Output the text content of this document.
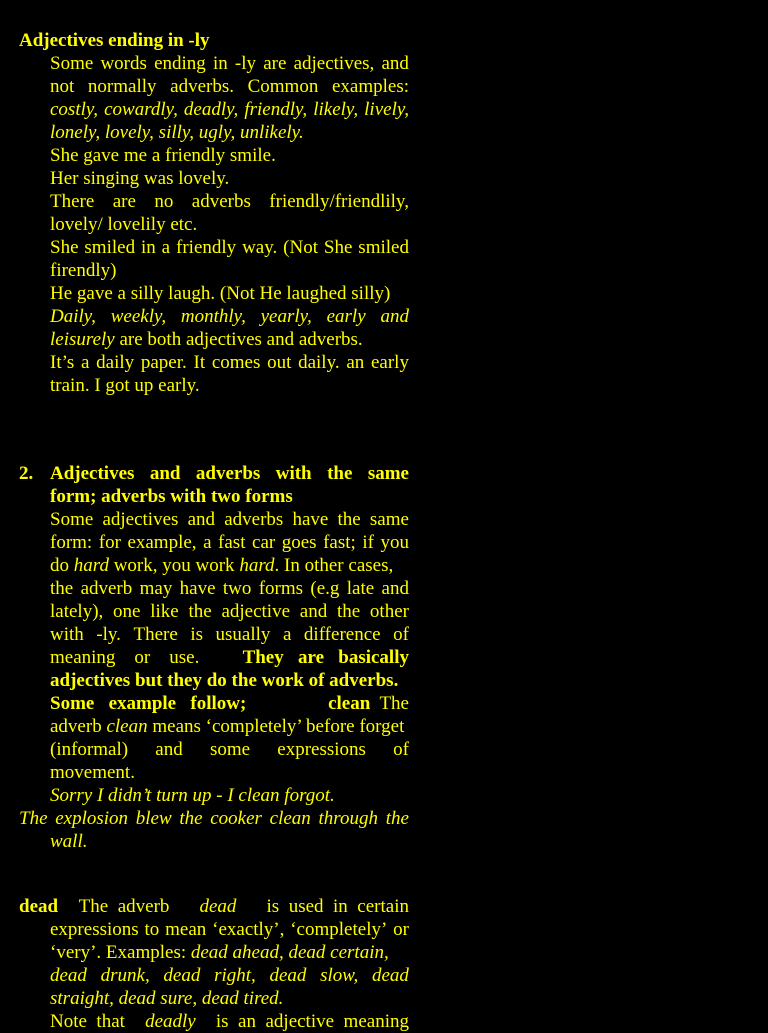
Adjectives ending in -ly
Some words ending in -ly are adjectives, and
not normally adverbs. Common examples:
costly, cowardly, deadly, friendly, likely, lively,
lonely, lovely, silly, ugly, unlikely.
She gave me a friendly smile.
Her singing was lovely.
There are no adverbs friendly/friendlily,
lovely/ lovelily etc.
She smiled in a friendly way. (Not She smiled
firendly)
He gave a silly laugh. (Not He laughed silly)
Daily, weekly, monthly, yearly, early and
leisurely are both adjectives and adverbs.
It’s a daily paper. It comes out daily. an early
train. I got up early.
2. Adjectives and adverbs with the same
form; adverbs with two forms
Some adjectives and adverbs have the same
form: for example, a fast car goes fast; if you
do hard work, you work hard. In other cases,
the adverb may have two forms (e.g late and
lately), one like the adjective and the other
with -ly. There is usually a difference of
meaning    or    use. They   are   basically
adjectives but they do the work of adverbs.
Some   example   follow;	clean  The
adverb clean means ‘completely’ before forget
(informal) and some expressions of
movement.
Sorry I didn’t turn up - I clean forgot.
The explosion blew the cooker clean through the
wall.
dead The  adverb dead is  used  in  certain
expressions to mean ‘exactly’, ‘completely’ or
‘very’. Examples: dead ahead, dead certain,
dead drunk, dead right, dead slow, dead
straight, dead sure, dead tired.
Note  that deadly is  an  adjective  meaning
